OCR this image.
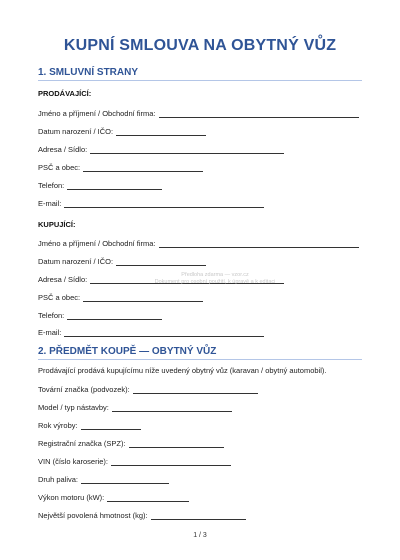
KUPNÍ SMLOUVA NA OBYTNÝ VŮZ
1. SMLUVNÍ STRANY
PRODÁVAJÍCÍ:
Jméno a příjmení / Obchodní firma:
Datum narození / IČO:
Adresa / Sídlo:
PSČ a obec:
Telefon:
E-mail:
KUPUJÍCÍ:
Jméno a příjmení / Obchodní firma:
Datum narození / IČO:
Adresa / Sídlo:
PSČ a obec:
Telefon:
E-mail:
Předloha zdarma — vzor.cz
Dokument pro osobní použití, k úpravě a k editaci
2. PŘEDMĚT KOUPĚ — OBYTNÝ VŮZ
Prodávající prodává kupujícímu níže uvedený obytný vůz (karavan / obytný automobil).
Tovární značka (podvozek):
Model / typ nástavby:
Rok výroby:
Registrační značka (SPZ):
VIN (číslo karoserie):
Druh paliva:
Výkon motoru (kW):
Největší povolená hmotnost (kg):
1 / 3
